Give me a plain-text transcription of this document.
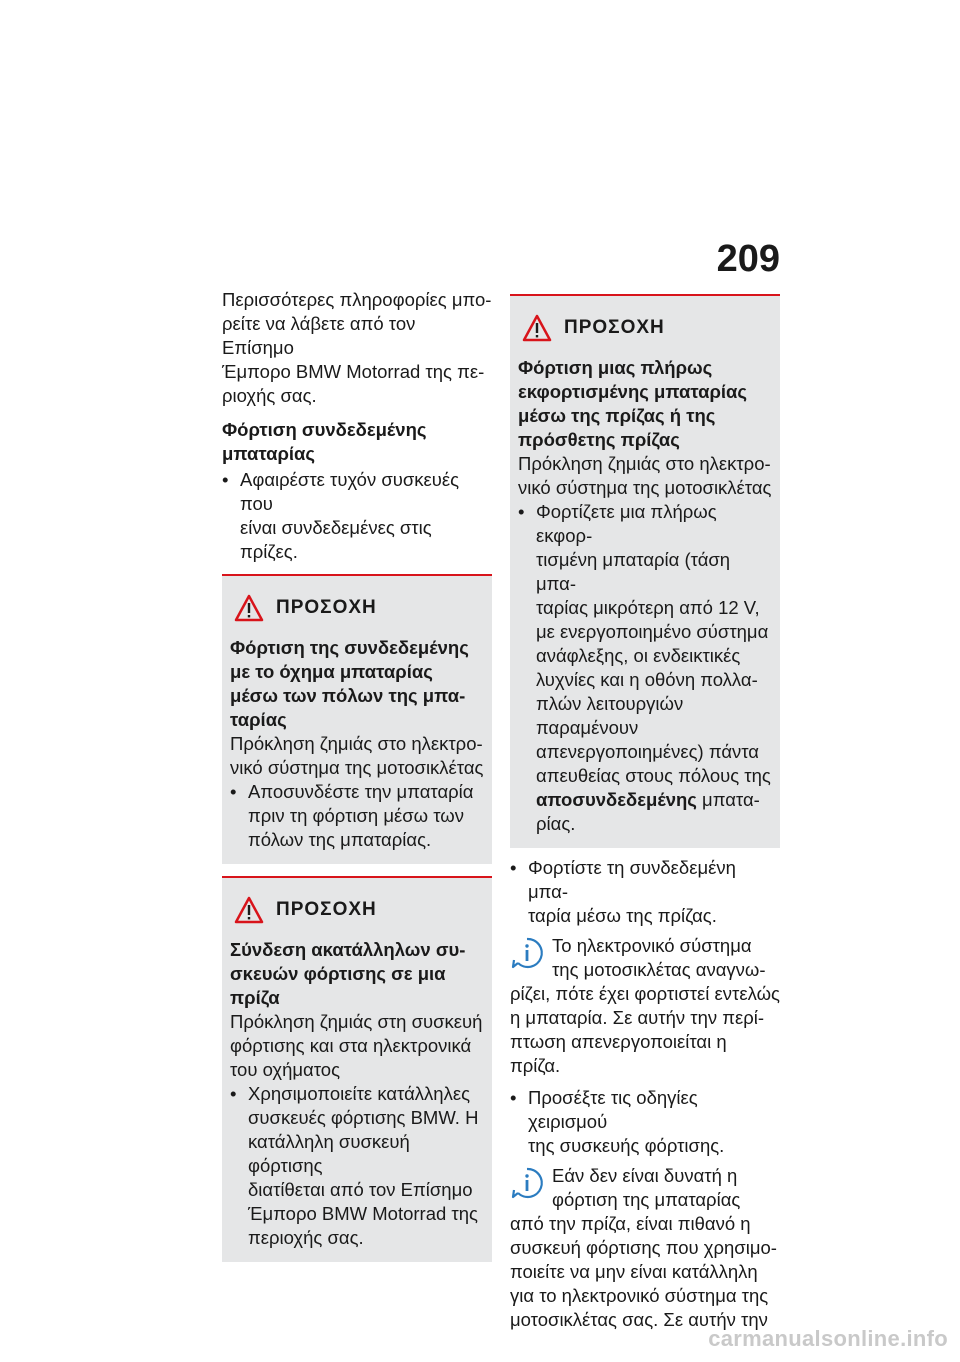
209

Περισσότερες πληροφορίες μπο-
ρείτε να λάβετε από τον Επίσημο
Έμπορο BMW Motorrad της πε-
ριοχής σας.

Φόρτιση συνδεδεμένης
μπαταρίας

• Αφαιρέστε τυχόν συσκευές που
είναι συνδεδεμένες στις πρίζες.

ΠΡΟΣΟΧΗ

Φόρτιση της συνδεδεμένης
με το όχημα μπαταρίας
μέσω των πόλων της μπα-
ταρίας

Πρόκληση ζημιάς στο ηλεκτρο-
νικό σύστημα της μοτοσικλέτας

• Αποσυνδέστε την μπαταρία
πριν τη φόρτιση μέσω των
πόλων της μπαταρίας.

ΠΡΟΣΟΧΗ

Σύνδεση ακατάλληλων συ-
σκευών φόρτισης σε μια
πρίζα

Πρόκληση ζημιάς στη συσκευή
φόρτισης και στα ηλεκτρονικά
του οχήματος

• Χρησιμοποιείτε κατάλληλες
συσκευές φόρτισης BMW. Η
κατάλληλη συσκευή φόρτισης
διατίθεται από τον Επίσημο
Έμπορο BMW Motorrad της
περιοχής σας.

ΠΡΟΣΟΧΗ

Φόρτιση μιας πλήρως
εκφορτισμένης μπαταρίας
μέσω της πρίζας ή της
πρόσθετης πρίζας

Πρόκληση ζημιάς στο ηλεκτρο-
νικό σύστημα της μοτοσικλέτας

• Φορτίζετε μια πλήρως εκφορ-
τισμένη μπαταρία (τάση μπα-
ταρίας μικρότερη από 12 V,
με ενεργοποιημένο σύστημα
ανάφλεξης, οι ενδεικτικές
λυχνίες και η οθόνη πολλα-
πλών λειτουργιών παραμένουν
απενεργοποιημένες) πάντα
απευθείας στους πόλους της
αποσυνδεδεμένης μπατα-
ρίας.

• Φορτίστε τη συνδεδεμένη μπα-
ταρία μέσω της πρίζας.

Το ηλεκτρονικό σύστημα
της μοτοσικλέτας αναγνω-

ρίζει, πότε έχει φορτιστεί εντελώς
η μπαταρία. Σε αυτήν την περί-
πτωση απενεργοποιείται η πρίζα.

• Προσέξτε τις οδηγίες χειρισμού
της συσκευής φόρτισης.

Εάν δεν είναι δυνατή η
φόρτιση της μπαταρίας

από την πρίζα, είναι πιθανό η
συσκευή φόρτισης που χρησιμο-
ποιείτε να μην είναι κατάλληλη
για το ηλεκτρονικό σύστημα της
μοτοσικλέτας σας. Σε αυτήν την

carmanualsonline.info
